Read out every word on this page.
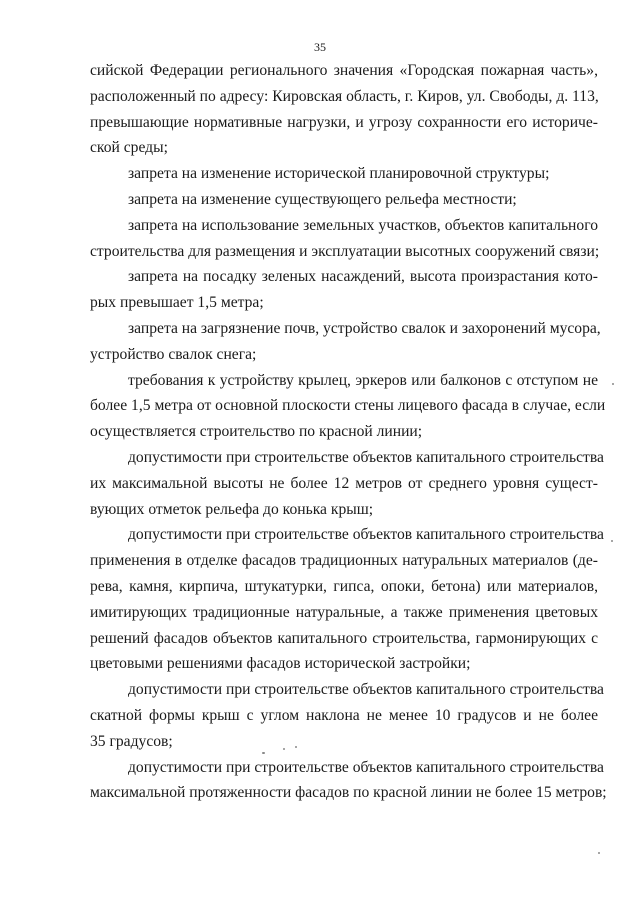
35
сийской Федерации регионального значения «Городская пожарная часть»,
расположенный по адресу: Кировская область, г. Киров, ул. Свободы, д. 113,
превышающие нормативные нагрузки, и угрозу сохранности его историче-
ской среды;
запрета на изменение исторической планировочной структуры;
запрета на изменение существующего рельефа местности;
запрета на использование земельных участков, объектов капитального
строительства для размещения и эксплуатации высотных сооружений связи;
запрета на посадку зеленых насаждений, высота произрастания кото-
рых превышает 1,5 метра;
запрета на загрязнение почв, устройство свалок и захоронений мусора,
устройство свалок снега;
требования к устройству крылец, эркеров или балконов с отступом не
более 1,5 метра от основной плоскости стены лицевого фасада в случае, если
осуществляется строительство по красной линии;
допустимости при строительстве объектов капитального строительства
их максимальной высоты не более 12 метров от среднего уровня сущест-
вующих отметок рельефа до конька крыш;
допустимости при строительстве объектов капитального строительства
применения в отделке фасадов традиционных натуральных материалов (де-
рева, камня, кирпича, штукатурки, гипса, опоки, бетона) или материалов,
имитирующих традиционные натуральные, а также применения цветовых
решений фасадов объектов капитального строительства, гармонирующих с
цветовыми решениями фасадов исторической застройки;
допустимости при строительстве объектов капитального строительства
скатной формы крыш с углом наклона не менее 10 градусов и не более
35 градусов;
допустимости при строительстве объектов капитального строительства
максимальной протяженности фасадов по красной линии не более 15 метров;
